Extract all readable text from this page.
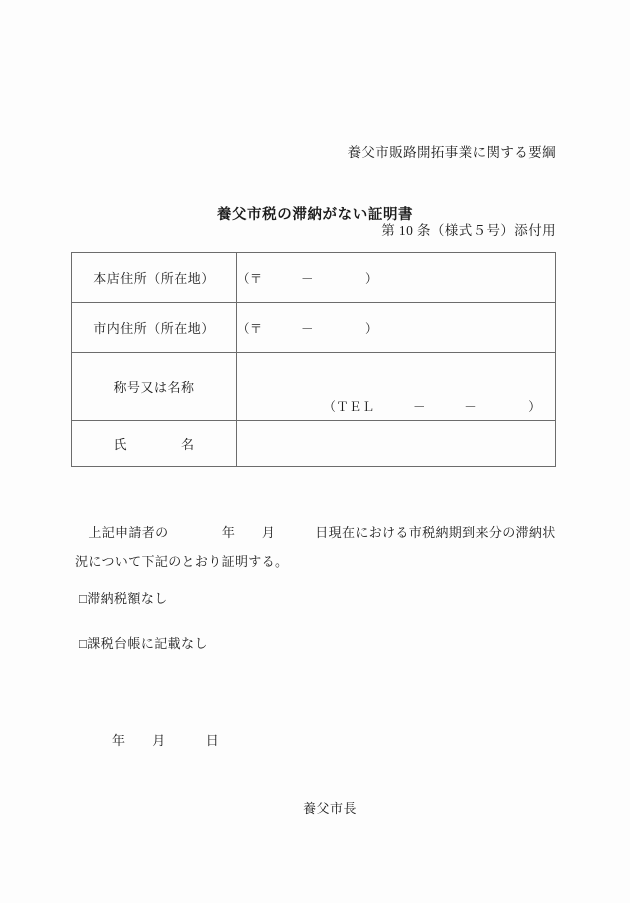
養父市販路開拓事業に関する要綱

第 10 条（様式５号）添付用

養父市税の滞納がない証明書
本店住所（所在地）	（〒　　　－　　　　）
市内住所（所在地）	（〒　　　－　　　　）
称号又は名称	（ＴＥＬ　　　－　　　－　　　　）

氏　　　　名	
　上記申請者の　　　　年　　月　　　日現在における市税納期到来分の滞納状況について下記のとおり証明する。
□滞納税額なし
□課税台帳に記載なし
年　　月　　　日
養父市長
